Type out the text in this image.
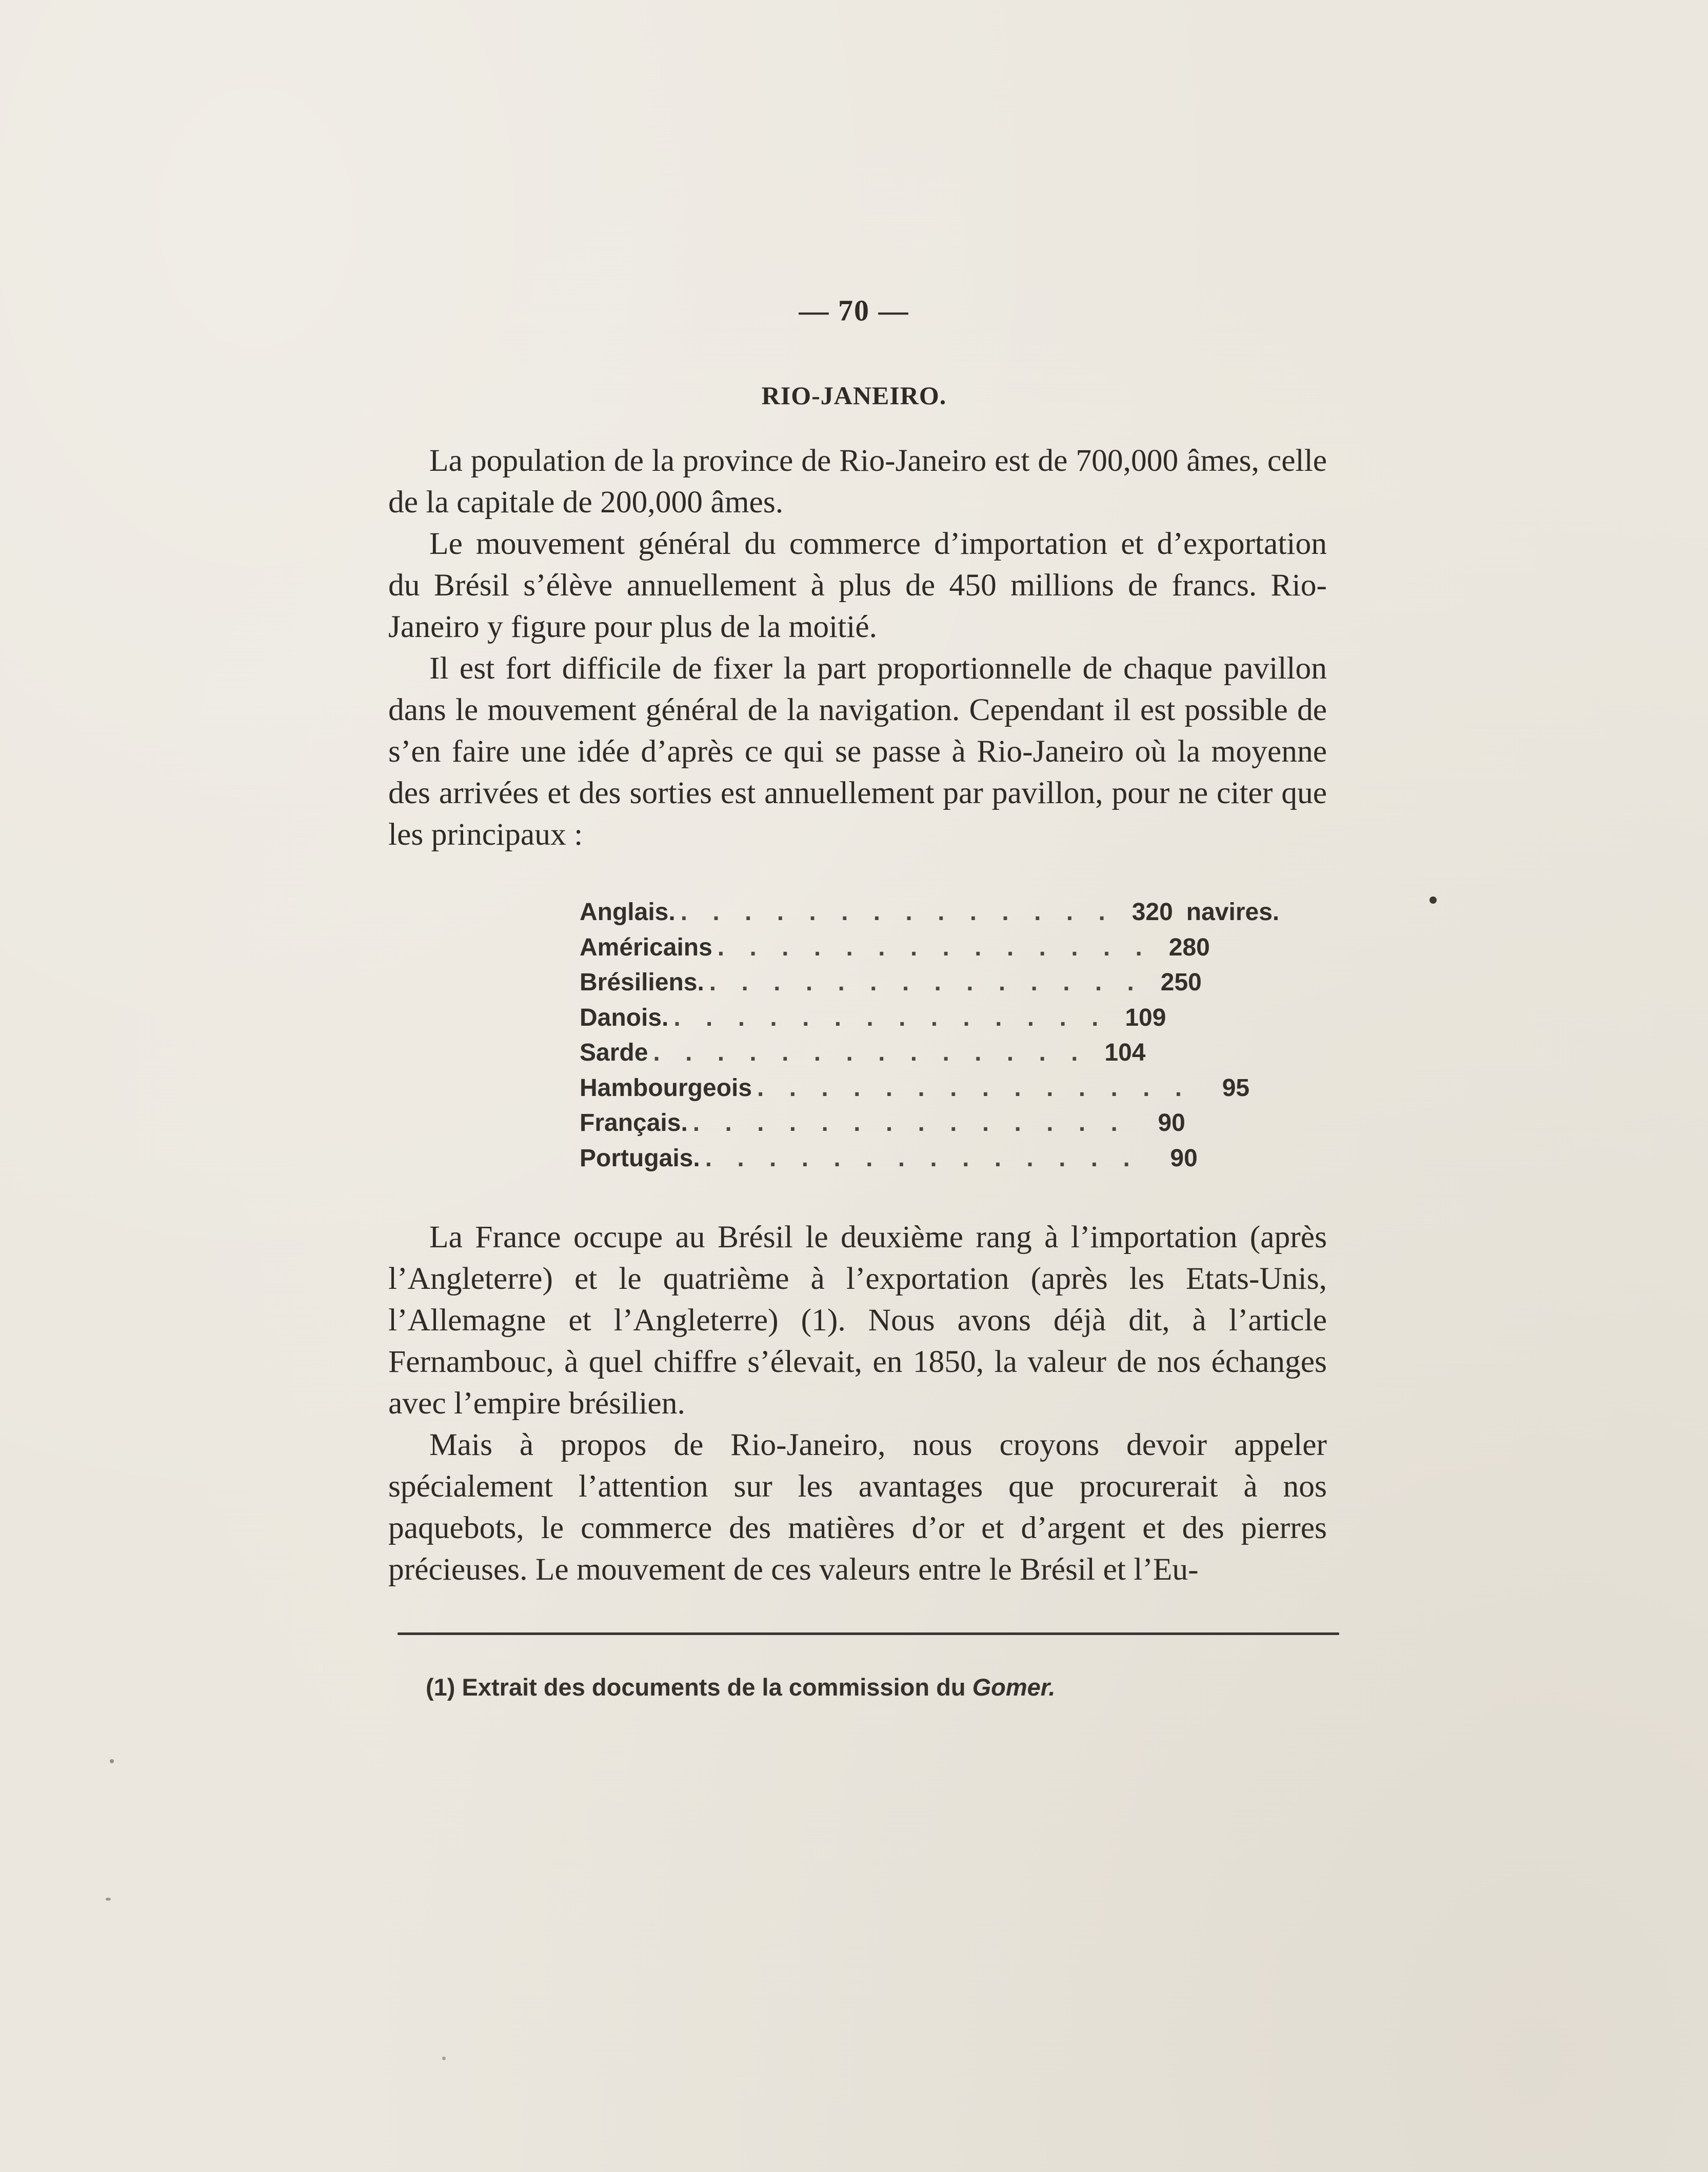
— 70 —
RIO-JANEIRO.

La population de la province de Rio-Janeiro est de 700,000 âmes, celle de la capitale de 200,000 âmes.

Le mouvement général du commerce d’importation et d’exportation du Brésil s’élève annuellement à plus de 450 millions de francs. Rio-Janeiro y figure pour plus de la moitié.

Il est fort difficile de fixer la part proportionnelle de chaque pavillon dans le mouvement général de la navigation. Cependant il est possible de s’en faire une idée d’après ce qui se passe à Rio-Janeiro où la moyenne des arrivées et des sorties est annuellement par pavillon, pour ne citer que les principaux :

Anglais. . . . . . . . . . . . . . . 320 navires.
Américains . . . . . . . . . . . . . . 280
Brésiliens. . . . . . . . . . . . . . . 250
Danois. . . . . . . . . . . . . . . 109
Sarde . . . . . . . . . . . . . . 104
Hambourgeois . . . . . . . . . . . . . .	95
Français. . . . . . . . . . . . . . .	90
Portugais. . . . . . . . . . . . . . .	90

La France occupe au Brésil le deuxième rang à l’importation (après l’Angleterre) et le quatrième à l’exportation (après les Etats-Unis, l’Allemagne et l’Angleterre) (1). Nous avons déjà dit, à l’article Fernambouc, à quel chiffre s’élevait, en 1850, la valeur de nos échanges avec l’empire brésilien.

Mais à propos de Rio-Janeiro, nous croyons devoir appeler spécialement l’attention sur les avantages que procurerait à nos paquebots, le commerce des matières d’or et d’argent et des pierres précieuses. Le mouvement de ces valeurs entre le Brésil et l’Eu-

(1) Extrait des documents de la commission du Gomer.
